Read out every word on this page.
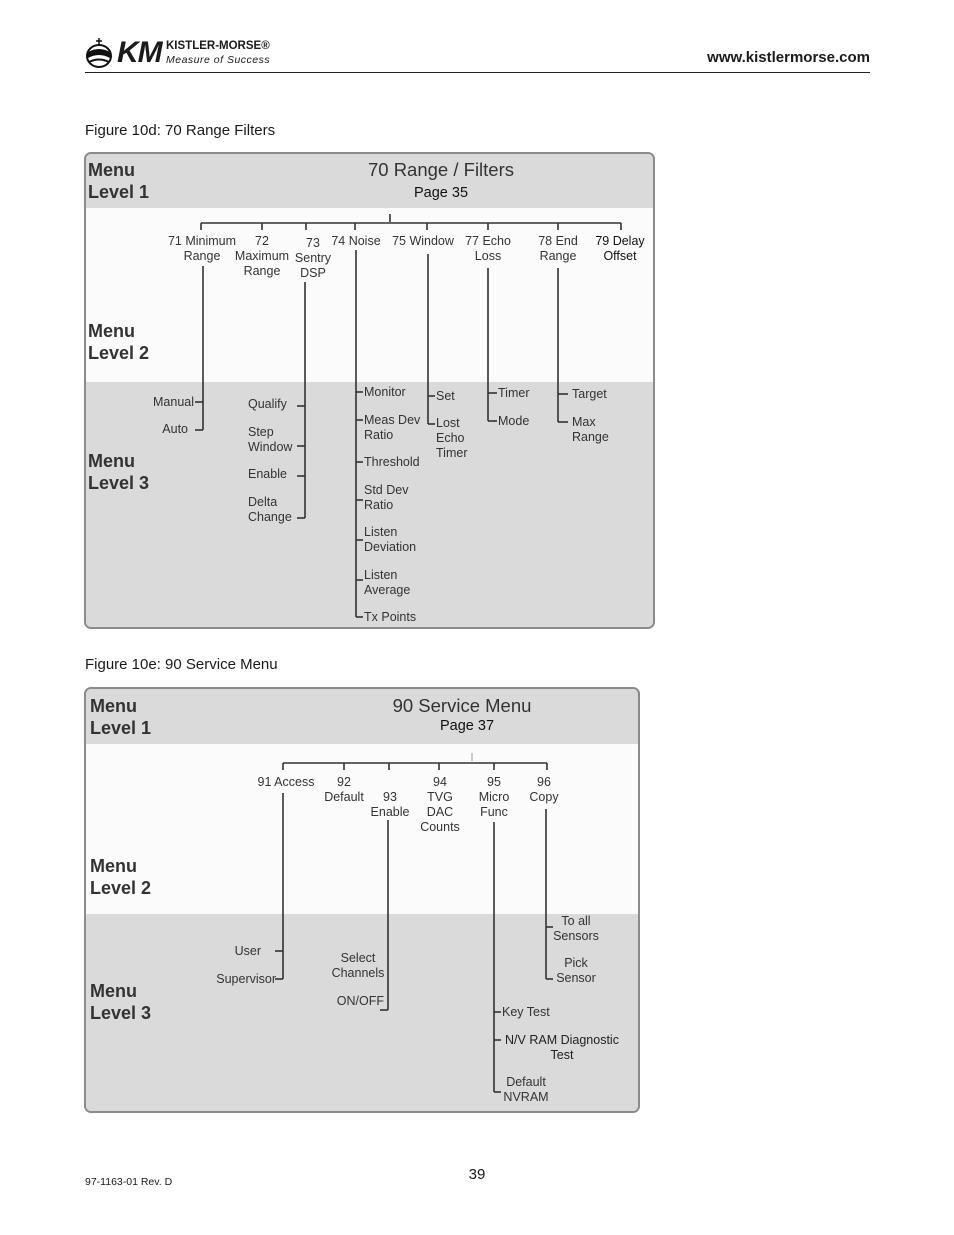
KM KISTLER-MORSE®
Measure of Success	www.kistlermorse.com
Figure 10d: 70 Range Filters
Menu
Level 1
Menu
Level 2
Menu
Level 3
70 Range / Filters
Page 35
71 Minimum
Range
72
Maximum
Range
73
Sentry
DSP
74 Noise 75 Window 77 Echo
Loss
78 End
Range
79 Delay
Offset
Manual
Auto
Qualify
Step
Window
Enable
Delta
Change
Monitor
Meas Dev
Ratio
Threshold
Std Dev
Ratio
Listen
Deviation
Listen
Average
Tx Points
Set
Lost
Echo
Timer
Timer
Mode
Target
Max
Range
Figure 10e: 90 Service Menu
Menu
Level 1
Menu
Level 2
Menu
Level 3
90 Service Menu
Page 37
91 Access	92
Default	93
Enable
94
TVG
DAC
Counts
95
Micro
Func
96
Copy
User
Supervisor
Select
Channels
ON/OFF
Key Test
N/V RAM Diagnostic
Test
Default
NVRAM
To all
Sensors
Pick
Sensor
39
97-1163-01 Rev. D
